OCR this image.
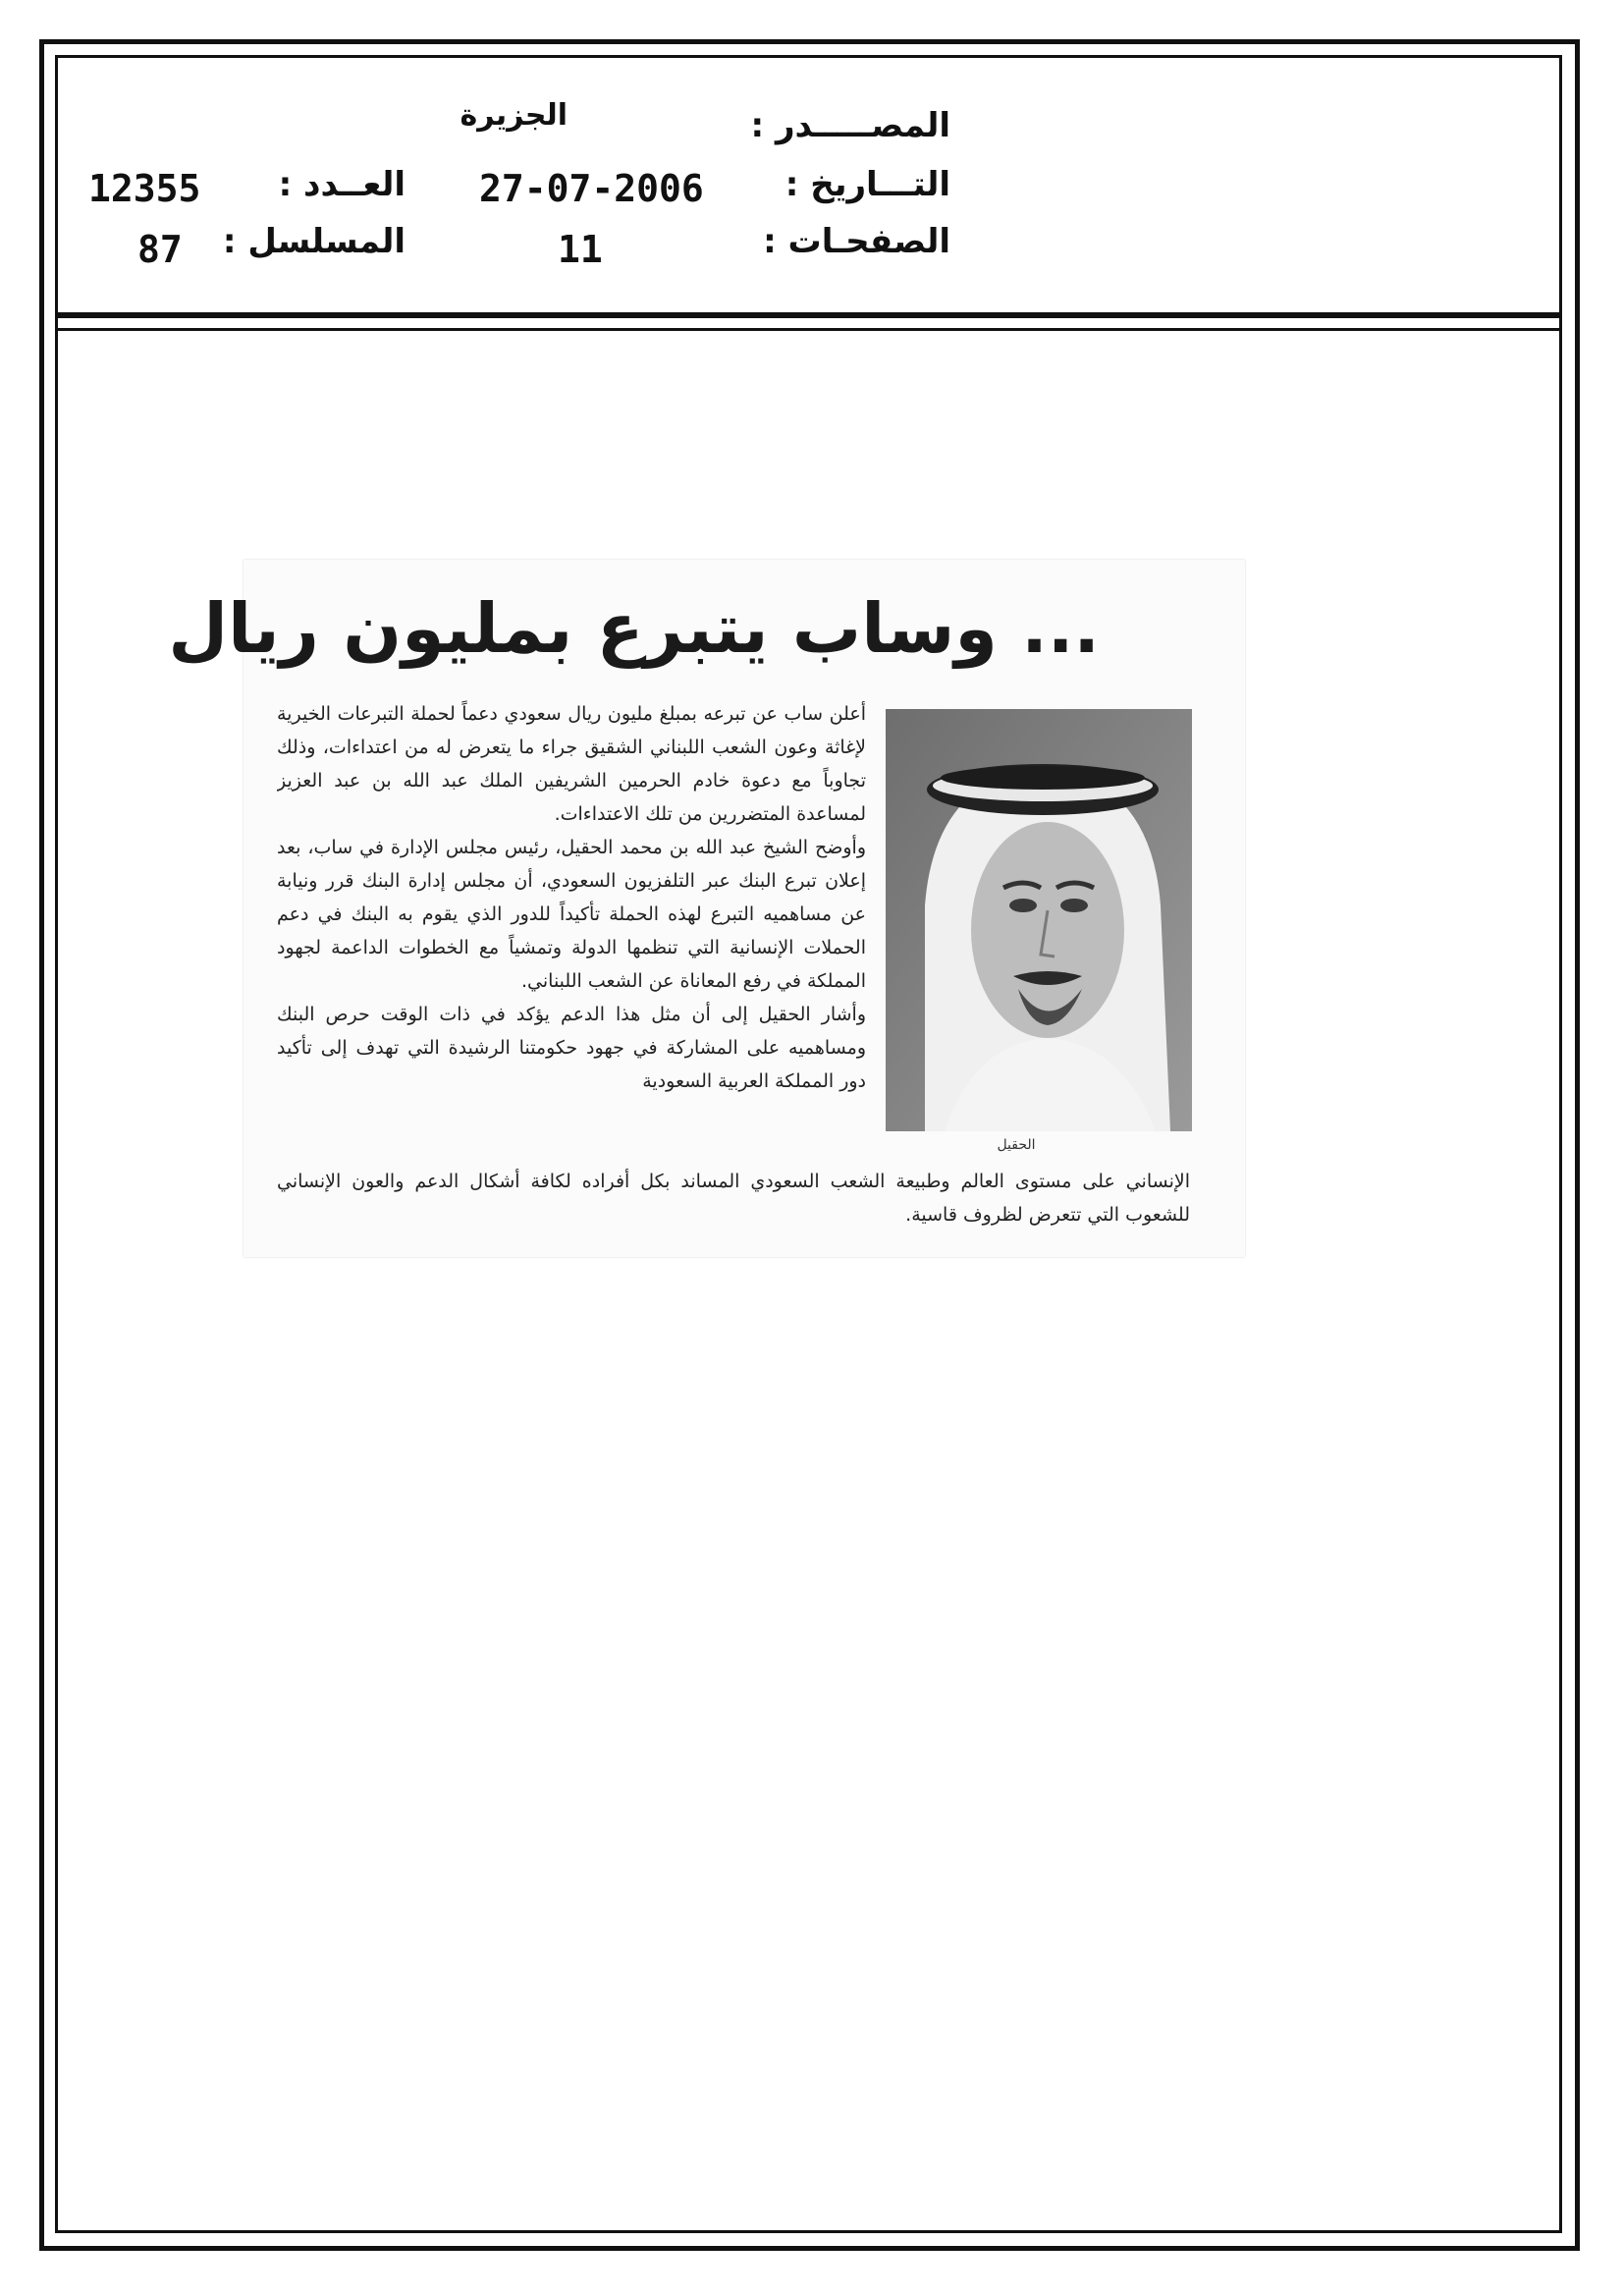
المصـــــدر :
الجزيرة
التـــاريخ :
27-07-2006
العــدد :
12355
الصفحـات :
11
المسلسل :
87
... وساب يتبرع بمليون ريال
الحقيل

أعلن ساب عن تبرعه بمبلغ مليون ريال سعودي دعماً لحملة التبرعات الخيرية لإغاثة وعون الشعب اللبناني الشقيق جراء ما يتعرض له من اعتداءات، وذلك تجاوباً مع دعوة خادم الحرمين الشريفين الملك عبد الله بن عبد العزيز لمساعدة المتضررين من تلك الاعتداءات.

وأوضح الشيخ عبد الله بن محمد الحقيل، رئيس مجلس الإدارة في ساب، بعد إعلان تبرع البنك عبر التلفزيون السعودي، أن مجلس إدارة البنك قرر ونيابة عن مساهميه التبرع لهذه الحملة تأكيداً للدور الذي يقوم به البنك في دعم الحملات الإنسانية التي تنظمها الدولة وتمشياً مع الخطوات الداعمة لجهود المملكة في رفع المعاناة عن الشعب اللبناني.

وأشار الحقيل إلى أن مثل هذا الدعم يؤكد في ذات الوقت حرص البنك ومساهميه على المشاركة في جهود حكومتنا الرشيدة التي تهدف إلى تأكيد دور المملكة العربية السعودية

الإنساني على مستوى العالم وطبيعة الشعب السعودي المساند بكل أفراده لكافة أشكال الدعم والعون الإنساني للشعوب التي تتعرض لظروف قاسية.
